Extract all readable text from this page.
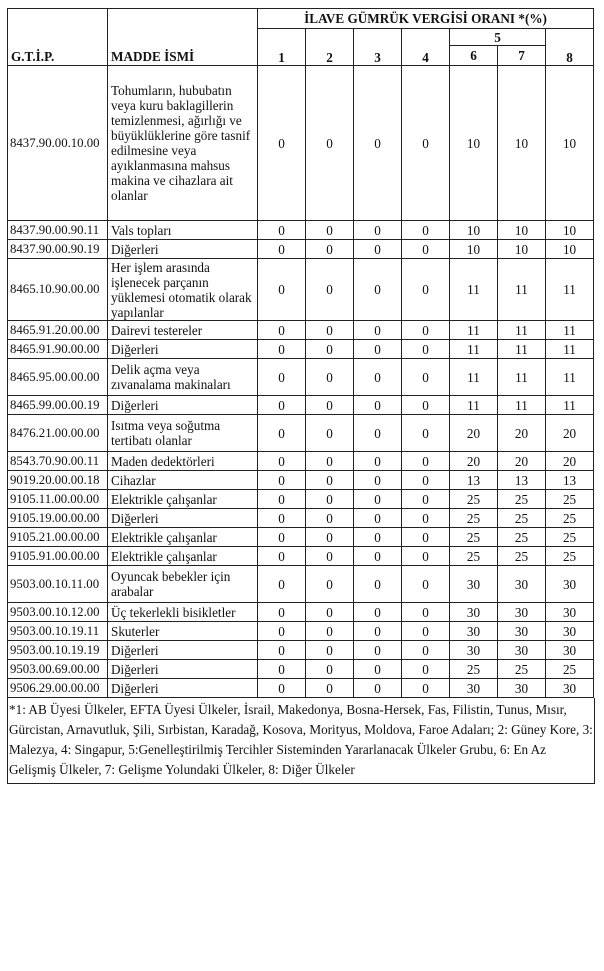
G.T.İ.P.	MADDE İSMİ	İLAVE GÜMRÜK VERGİSİ ORANI *(%)						
		1	2	3	4	5		8
						6	7	
8437.90.00.10.00	Tohumların, hububatın veya kuru baklagillerin temizlenmesi, ağırlığı ve büyüklüklerine göre tasnif edilmesine veya ayıklanmasına mahsus makina ve cihazlara ait olanlar	0	0	0	0	10	10	10
8437.90.00.90.11	Vals topları	0	0	0	0	10	10	10
8437.90.00.90.19	Diğerleri	0	0	0	0	10	10	10
8465.10.90.00.00	Her işlem arasında işlenecek parçanın yüklemesi otomatik olarak yapılanlar	0	0	0	0	11	11	11
8465.91.20.00.00	Dairevi testereler	0	0	0	0	11	11	11
8465.91.90.00.00	Diğerleri	0	0	0	0	11	11	11
8465.95.00.00.00	Delik açma veya zıvanalama makinaları	0	0	0	0	11	11	11
8465.99.00.00.19	Diğerleri	0	0	0	0	11	11	11
8476.21.00.00.00	Isıtma veya soğutma tertibatı olanlar	0	0	0	0	20	20	20
8543.70.90.00.11	Maden dedektörleri	0	0	0	0	20	20	20
9019.20.00.00.18	Cihazlar	0	0	0	0	13	13	13
9105.11.00.00.00	Elektrikle çalışanlar	0	0	0	0	25	25	25
9105.19.00.00.00	Diğerleri	0	0	0	0	25	25	25
9105.21.00.00.00	Elektrikle çalışanlar	0	0	0	0	25	25	25
9105.91.00.00.00	Elektrikle çalışanlar	0	0	0	0	25	25	25
9503.00.10.11.00	Oyuncak bebekler için arabalar	0	0	0	0	30	30	30
9503.00.10.12.00	Üç tekerlekli bisikletler	0	0	0	0	30	30	30
9503.00.10.19.11	Skuterler	0	0	0	0	30	30	30
9503.00.10.19.19	Diğerleri	0	0	0	0	30	30	30
9503.00.69.00.00	Diğerleri	0	0	0	0	25	25	25
9506.29.00.00.00	Diğerleri	0	0	0	0	30	30	30
*1: AB Üyesi Ülkeler, EFTA Üyesi Ülkeler, İsrail, Makedonya, Bosna-Hersek, Fas, Filistin, Tunus, Mısır, Gürcistan, Arnavutluk, Şili, Sırbistan, Karadağ, Kosova, Morityus, Moldova, Faroe Adaları; 2: Güney Kore, 3: Malezya, 4: Singapur, 5:Genelleştirilmiş Tercihler Sisteminden Yararlanacak Ülkeler Grubu, 6: En Az Gelişmiş Ülkeler, 7: Gelişme Yolundaki Ülkeler, 8: Diğer Ülkeler
